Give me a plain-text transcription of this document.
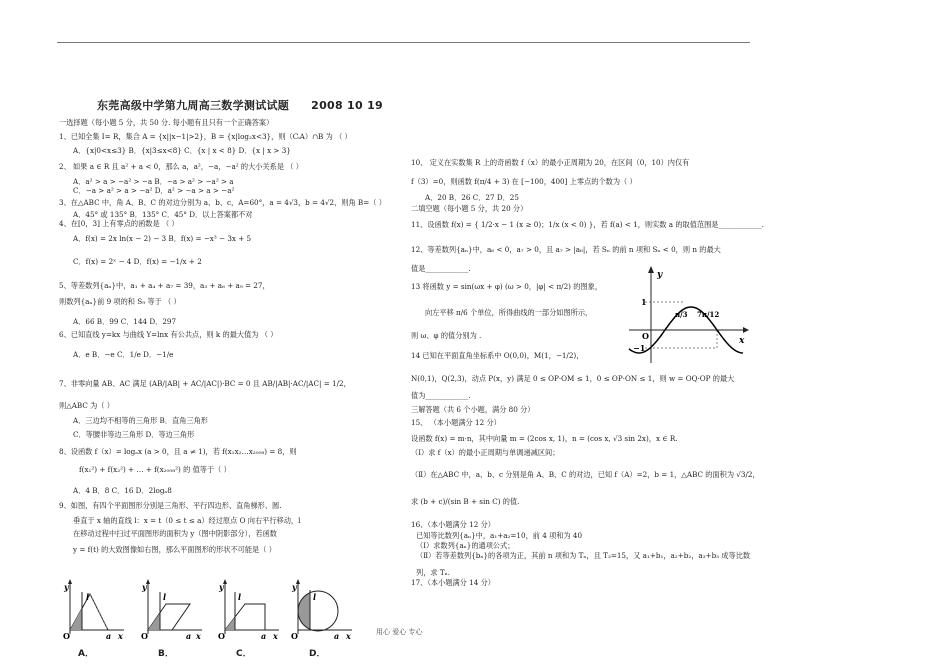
东莞高级中学第九周高三数学测试试题 2008 10 19
一选择题（每小题 5 分，共 50 分. 每小题有且只有一个正确答案）
1、已知全集 I= R，集合 A = {x||x−1|>2}，B = {x|log₂x<3}，则（CᵢA）∩B 为 （ ）
A．{x|0<x≤3} B．{x|3≤x<8} C．{x | x < 8} D．{x | x > 3}
2、 如果 a ∈ R 且 a² + a < 0，那么 a，a²，−a，−a² 的大小关系是 （ ）
A．a² > a > −a² > −a B．−a > a² > −a² > a
C．−a > a² > a > −a² D．a² > −a > a > −a²
3、在△ABC 中，角 A、B、C 的对边分别为 a、b、c，A=60°，a = 4√3，b = 4√2，则角 B=（ ）
A．45° 或 135° B．135° C．45° D．以上答案都不对
4、在[0，3] 上有零点的函数是 （ ）
A．f(x) = 2x ln(x − 2) − 3 B．f(x) = −x³ − 3x + 5
C．f(x) = 2ˣ − 4 D．f(x) = −1/x + 2
5、等差数列{aₙ}中，a₁ + a₄ + a₇ = 39，a₃ + a₆ + a₉ = 27，
则数列{aₙ}前 9 项的和 S₉ 等于 （ ）
A．66 B．99 C．144 D．297
6、已知直线 y=kx 与曲线 Y=lnx 有公共点，则 k 的最大值为 （ ）
A．e B．−e C．1/e D．−1/e
7、非零向量 AB、AC 满足 (AB/|AB| + AC/|AC|)·BC = 0 且 AB/|AB|·AC/|AC| = 1/2，
则△ABC 为（ ）
A．三边均不相等的三角形 B．直角三角形
C．等腰非等边三角形 D．等边三角形
8、设函数 f（x）= logₐx (a > 0，且 a ≠ 1)，若 f(x₁x₂…x₂₀₀₈) = 8，则
f(x₁²) + f(x₂²) + … + f(x₂₀₀₈²) 的 值等于（ ）
A．4 B．8 C．16 D．2logₐ8
9、如图，有四个平面图形分别是三角形、平行四边形、直角梯形、圆.
垂直于 x 轴的直线 l：x = t（0 ≤ t ≤ a）经过原点 O 向右平行移动，l
在移动过程中扫过平面图形的面积为 y（图中阴影部分），若函数
y = f(t) 的大致图像如右图，那么平面图形的形状不可能是（ ）
10、 定义在实数集 R 上的奇函数 f（x）的最小正周期为 20，在区间（0，10）内仅有
f（3）=0，则函数 f(π/4 + 3) 在 [−100，400] 上零点的个数为（ ）
A．20 B．26 C．27 D．25
二填空题（每小题 5 分，共 20 分）
11、设函数 f(x) = { 1/2·x − 1 (x ≥ 0)；1/x (x < 0) }，若 f(a) < 1，则实数 a 的取值范围是____________.
12、等差数列{aₙ}中，a₆ < 0，a₇ > 0，且 a₇ > |a₆|，若 Sₙ 的前 n 项和 Sₙ < 0，则 n 的最大
值是____________.
13 将函数 y = sin(ωx + φ) (ω > 0，|φ| < π/2) 的图象，
向左平移 π/6 个单位，所得曲线的一部分如图所示，
则 ω、φ 的值分别为 .
14 已知在平面直角坐标系中 O(0,0)，M(1，−1/2)，
N(0,1)，Q(2,3)，动点 P(x，y) 满足 0 ≤ OP·OM ≤ 1，0 ≤ OP·ON ≤ 1，则 w = OQ·OP 的最大
值为____________.
三解答题（共 6 个小题，满分 80 分）
15、 （本小题满分 12 分）
设函数 f(x) = m·n，其中向量 m = (2cos x, 1)，n = (cos x, √3 sin 2x)，x ∈ R.
（Ⅰ）求 f（x）的最小正周期与单调递减区间；
（Ⅱ）在△ABC 中，a、b、c 分别是角 A、B、C 的对边，已知 f（A）=2，b = 1，△ABC 的面积为 √3/2，
求 (b + c)/(sin B + sin C) 的值.
16、（本小题满分 12 分）
已知等比数列{aₙ}中，a₁+a₂=10，前 4 项和为 40
（Ⅰ）求数列{aₙ}的通项公式；
（Ⅱ）若等差数列{bₙ}的各项为正，其前 n 项和为 Tₙ，且 T₃=15，又 a₁+b₁，a₂+b₂，a₃+b₃ 成等比数
列，求 Tₙ.
17、（本小题满分 14 分）
y
x
O
1
−1
π/3 7π/12
y
O	a x
l
A．
y
O	a x
l
B．
y
O	a x
l
C．
y
O	a x
l
D．
用心 爱心 专心
